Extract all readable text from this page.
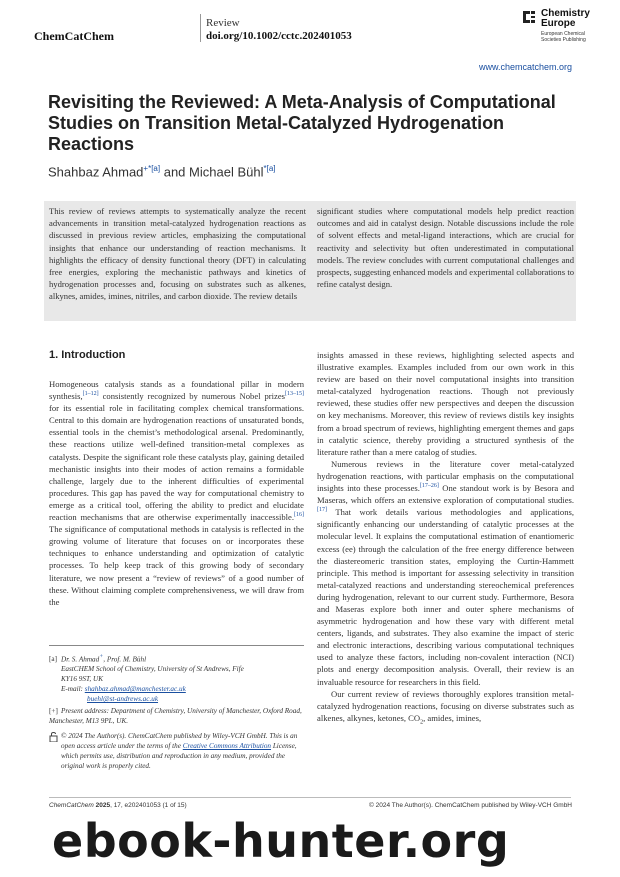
ChemCatChem
Review
doi.org/10.1002/cctc.202401053
Chemistry
Europe
European Chemical
Societies Publishing
www.chemcatchem.org
Revisiting the Reviewed: A Meta-Analysis of Computational Studies on Transition Metal-Catalyzed Hydrogenation Reactions
Shahbaz Ahmad$^{+*[a]}$ and Michael Bühl$^{*[a]}$
This review of reviews attempts to systematically analyze the recent advancements in transition metal-catalyzed hydrogenation reactions as discussed in previous review articles, emphasizing the computational insights that enhance our understanding of reaction mechanisms. It highlights the efficacy of density functional theory (DFT) in calculating free energies, exploring the mechanistic pathways and kinetics of hydrogenation processes and, focusing on substrates such as alkenes, alkynes, amides, imines, nitriles, and carbon dioxide. The review details
significant studies where computational models help predict reaction outcomes and aid in catalyst design. Notable discussions include the role of solvent effects and metal-ligand interactions, which are crucial for reactivity and selectivity but often underestimated in computational models. The review concludes with current computational challenges and prospects, suggesting enhanced models and experimental collaborations to refine catalyst design.
1. Introduction

Homogeneous catalysis stands as a foundational pillar in modern synthesis,[1–12] consistently recognized by numerous Nobel prizes[13–15] for its essential role in facilitating complex chemical transformations. Central to this domain are hydrogenation reactions of unsaturated bonds, essential tools in the chemist’s methodological arsenal. Predominantly, these reactions utilize well-defined transition-metal complexes as catalysts. Despite the significant role these catalysts play, gaining detailed mechanistic insights into their modes of action remains a formidable challenge, largely due to the inherent difficulties of experimental procedures. This gap has paved the way for computational chemistry to emerge as a critical tool, offering the ability to predict and elucidate reaction mechanisms that are otherwise experimentally inaccessible.[16] The significance of computational methods in catalysis is reflected in the growing volume of literature that focuses on or incorporates these techniques to enhance understanding and optimization of catalytic processes. To help keep track of this growing body of secondary literature, we now present a “review of reviews” of a good number of these. Without claiming complete comprehensiveness, we will draw from the

insights amassed in these reviews, highlighting selected aspects and illustrative examples. Examples included from our own work in this review are based on their novel computational insights into transition metal-catalyzed hydrogenation reactions. Though not previously reviewed, these studies offer new perspectives and deepen the discussion on key mechanisms. Moreover, this review of reviews distils key insights from a broad spectrum of reviews, highlighting emergent themes and gaps in catalytic science, thereby providing a structured synthesis of the literature rather than a mere catalog of studies.

Numerous reviews in the literature cover metal-catalyzed hydrogenation reactions, with particular emphasis on the computational insights into these processes.[17–26] One standout work is by Besora and Maseras, which offers an extensive exploration of computational studies.[17] That work details various methodologies and applications, significantly enhancing our understanding of catalytic processes at the molecular level. It explains the computational estimation of enantiomeric excess (ee) through the calculation of the free energy difference between the diastereomeric transition states, employing the Curtin-Hammett principle. This method is important for assessing selectivity in transition metal-catalyzed reactions and understanding stereochemical preferences during hydrogenation, relevant to our current study. Furthermore, Besora and Maseras explore both inner and outer sphere mechanisms of asymmetric hydrogenation and how these vary with different metal centers, ligands, and substrates. They also examine the impact of steric and electronic interactions, describing various computational techniques used to analyze these factors, including non-covalent interaction (NCI) plots and energy decomposition analysis. Overall, their review is an invaluable resource for researchers in this field.

Our current review of reviews thoroughly explores transition metal-catalyzed hydrogenation reactions, focusing on diverse substrates such as alkenes, alkynes, ketones, $CO_2$, amides, imines,

[a] Dr. S. Ahmad+, Prof. M. Bühl
EastCHEM School of Chemistry, University of St Andrews, Fife
KY16 9ST, UK
E-mail: shahbaz.ahmad@manchester.ac.uk
buehl@st-andrews.ac.uk
[+] Present address: Department of Chemistry, University of Manchester, Oxford Road, Manchester, M13 9PL, UK.
© 2024 The Author(s). ChemCatChem published by Wiley-VCH GmbH. This is an open access article under the terms of the Creative Commons Attribution License, which permits use, distribution and reproduction in any medium, provided the original work is properly cited.
ChemCatChem 2025, 17, e202401053 (1 of 15)	© 2024 The Author(s). ChemCatChem published by Wiley-VCH GmbH
ebook-hunter.org
